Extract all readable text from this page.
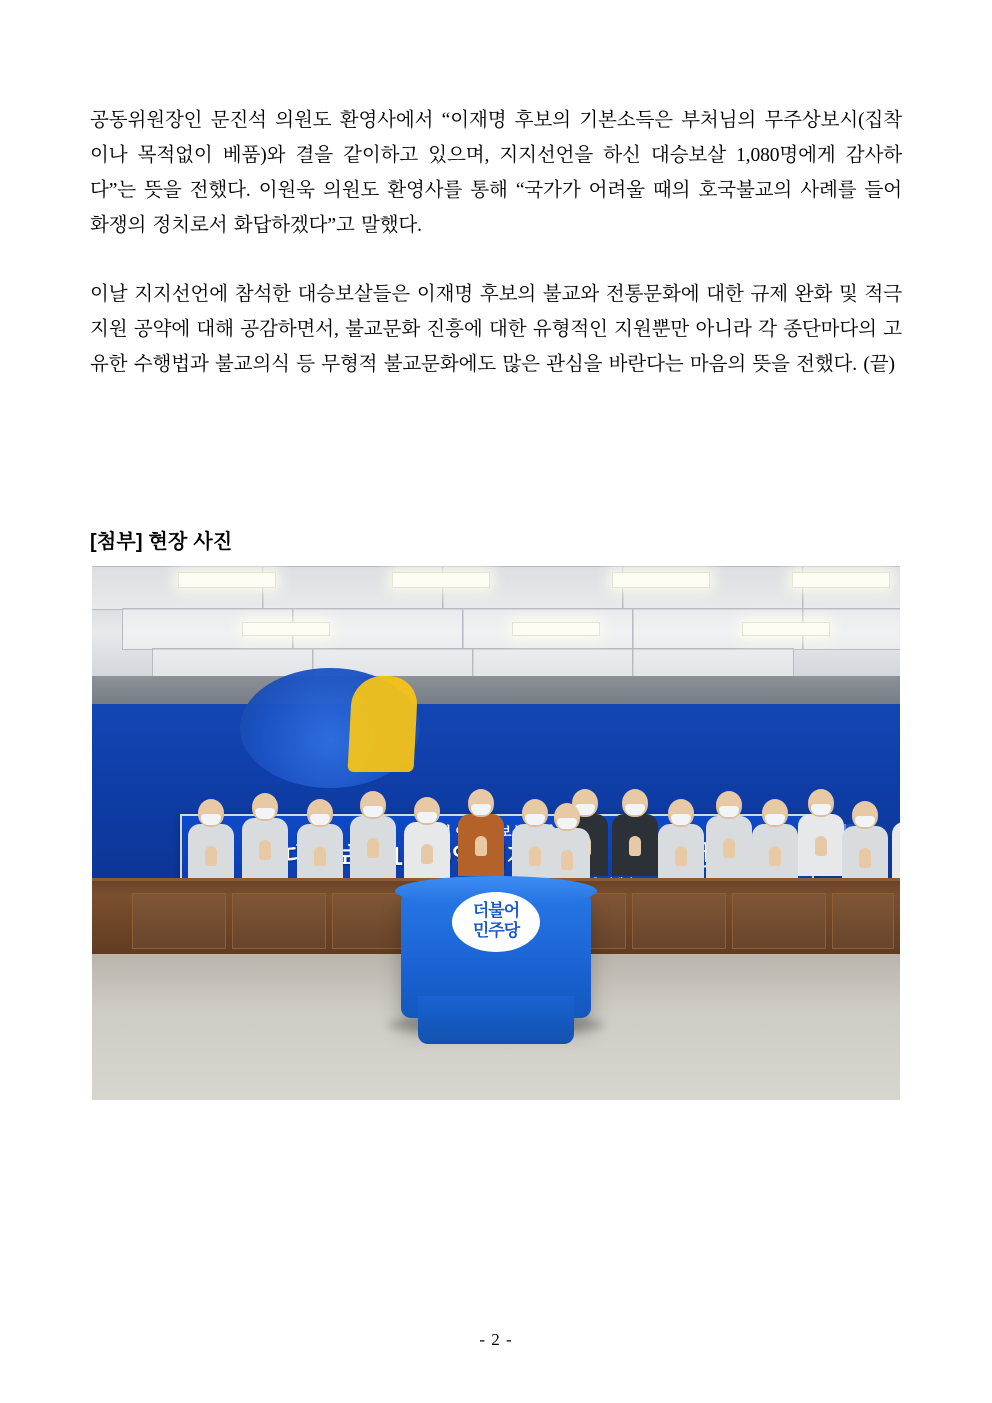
공동위원장인 문진석 의원도 환영사에서 “이재명 후보의 기본소득은 부처님의 무주상보시(집착이나 목적없이 베품)와 결을 같이하고 있으며, 지지선언을 하신 대승보살 1,080명에게 감사하다”는 뜻을 전했다. 이원욱 의원도 환영사를 통해 “국가가 어려울 때의 호국불교의 사례를 들어 화쟁의 정치로서 화답하겠다”고 말했다.

이날 지지선언에 참석한 대승보살들은 이재명 후보의 불교와 전통문화에 대한 규제 완화 및 적극 지원 공약에 대해 공감하면서, 불교문화 진흥에 대한 유형적인 지원뿐만 아니라 각 종단마다의 고유한 수행법과 불교의식 등 무형적 불교문화에도 많은 관심을 바란다는 마음의 뜻을 전했다. (끝)

[첨부] 현장 사진
더불어
민주당
- 2 -
